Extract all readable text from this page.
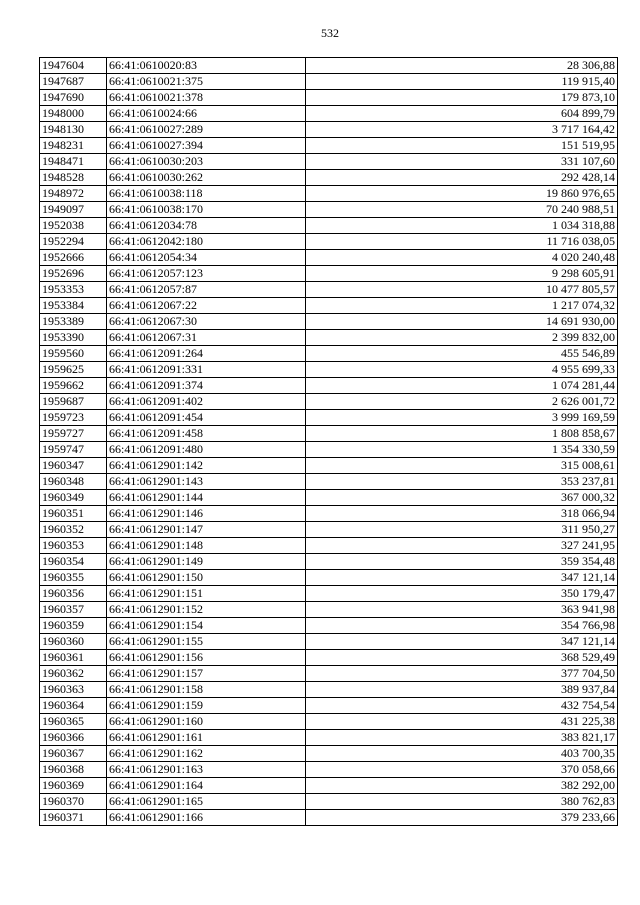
532
1947604	66:41:0610020:83	28 306,88
1947687	66:41:0610021:375	119 915,40
1947690	66:41:0610021:378	179 873,10
1948000	66:41:0610024:66	604 899,79
1948130	66:41:0610027:289	3 717 164,42
1948231	66:41:0610027:394	151 519,95
1948471	66:41:0610030:203	331 107,60
1948528	66:41:0610030:262	292 428,14
1948972	66:41:0610038:118	19 860 976,65
1949097	66:41:0610038:170	70 240 988,51
1952038	66:41:0612034:78	1 034 318,88
1952294	66:41:0612042:180	11 716 038,05
1952666	66:41:0612054:34	4 020 240,48
1952696	66:41:0612057:123	9 298 605,91
1953353	66:41:0612057:87	10 477 805,57
1953384	66:41:0612067:22	1 217 074,32
1953389	66:41:0612067:30	14 691 930,00
1953390	66:41:0612067:31	2 399 832,00
1959560	66:41:0612091:264	455 546,89
1959625	66:41:0612091:331	4 955 699,33
1959662	66:41:0612091:374	1 074 281,44
1959687	66:41:0612091:402	2 626 001,72
1959723	66:41:0612091:454	3 999 169,59
1959727	66:41:0612091:458	1 808 858,67
1959747	66:41:0612091:480	1 354 330,59
1960347	66:41:0612901:142	315 008,61
1960348	66:41:0612901:143	353 237,81
1960349	66:41:0612901:144	367 000,32
1960351	66:41:0612901:146	318 066,94
1960352	66:41:0612901:147	311 950,27
1960353	66:41:0612901:148	327 241,95
1960354	66:41:0612901:149	359 354,48
1960355	66:41:0612901:150	347 121,14
1960356	66:41:0612901:151	350 179,47
1960357	66:41:0612901:152	363 941,98
1960359	66:41:0612901:154	354 766,98
1960360	66:41:0612901:155	347 121,14
1960361	66:41:0612901:156	368 529,49
1960362	66:41:0612901:157	377 704,50
1960363	66:41:0612901:158	389 937,84
1960364	66:41:0612901:159	432 754,54
1960365	66:41:0612901:160	431 225,38
1960366	66:41:0612901:161	383 821,17
1960367	66:41:0612901:162	403 700,35
1960368	66:41:0612901:163	370 058,66
1960369	66:41:0612901:164	382 292,00
1960370	66:41:0612901:165	380 762,83
1960371	66:41:0612901:166	379 233,66
